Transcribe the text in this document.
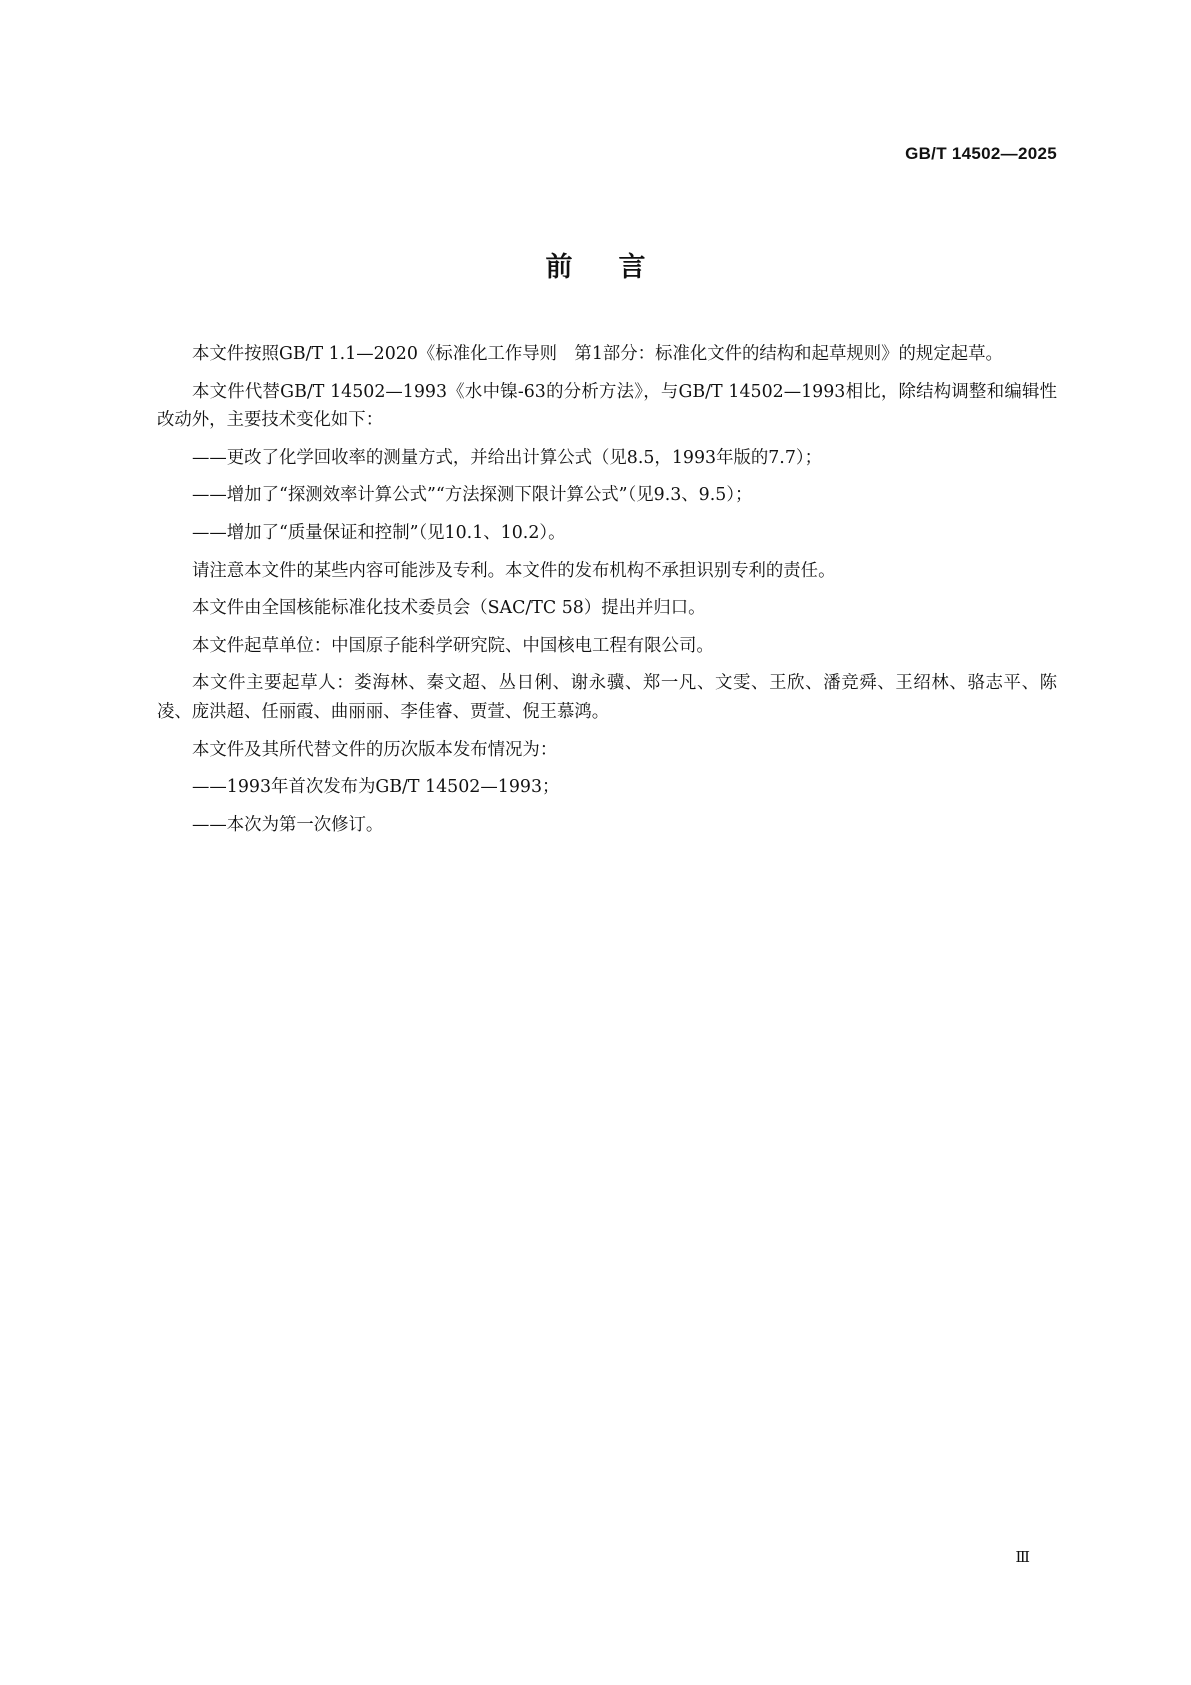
GB/T 14502—2025
前言

本文件按照GB/T 1.1—2020《标准化工作导则　第1部分：标准化文件的结构和起草规则》的规定起草。

本文件代替GB/T 14502—1993《水中镍-63的分析方法》，与GB/T 14502—1993相比，除结构调整和编辑性改动外，主要技术变化如下：

——更改了化学回收率的测量方式，并给出计算公式（见8.5，1993年版的7.7）；

——增加了“探测效率计算公式”“方法探测下限计算公式”（见9.3、9.5）；

——增加了“质量保证和控制”（见10.1、10.2）。

请注意本文件的某些内容可能涉及专利。本文件的发布机构不承担识别专利的责任。

本文件由全国核能标准化技术委员会（SAC/TC 58）提出并归口。

本文件起草单位：中国原子能科学研究院、中国核电工程有限公司。

本文件主要起草人：娄海林、秦文超、丛日俐、谢永骥、郑一凡、文雯、王欣、潘竞舜、王绍林、骆志平、陈凌、庞洪超、任丽霞、曲丽丽、李佳睿、贾萱、倪王慕鸿。

本文件及其所代替文件的历次版本发布情况为：

——1993年首次发布为GB/T 14502—1993；

——本次为第一次修订。

Ⅲ
